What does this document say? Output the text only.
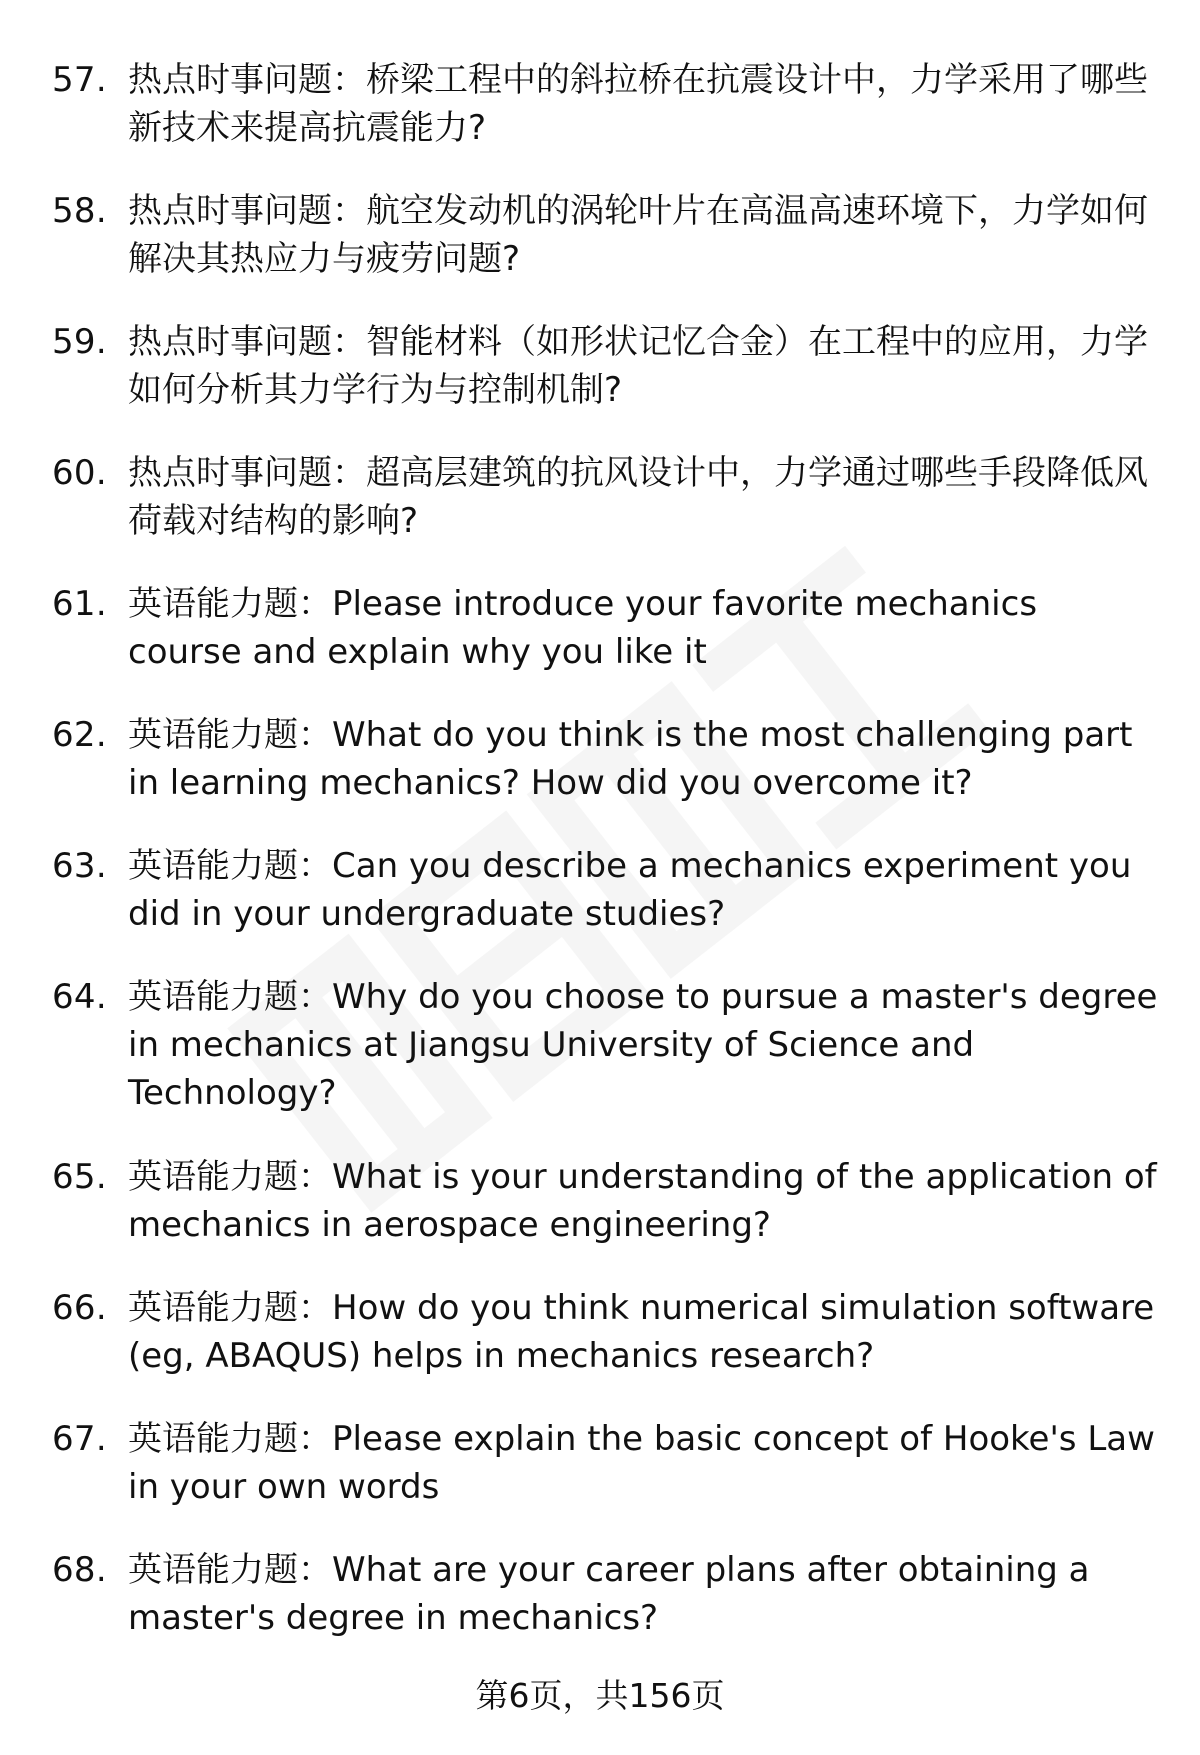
57. 热点时事问题：桥梁工程中的斜拉桥在抗震设计中，力学采用了哪些新技术来提高抗震能力?
58. 热点时事问题：航空发动机的涡轮叶片在高温高速环境下，力学如何解决其热应力与疲劳问题?
59. 热点时事问题：智能材料（如形状记忆合金）在工程中的应用，力学如何分析其力学行为与控制机制?
60. 热点时事问题：超高层建筑的抗风设计中，力学通过哪些手段降低风荷载对结构的影响?
61. 英语能力题：Please introduce your favorite mechanics course and explain why you like it
62. 英语能力题：What do you think is the most challenging part in learning mechanics? How did you overcome it?
63. 英语能力题：Can you describe a mechanics experiment you did in your undergraduate studies?
64. 英语能力题：Why do you choose to pursue a master's degree in mechanics at Jiangsu University of Science and Technology?
65. 英语能力题：What is your understanding of the application of mechanics in aerospace engineering?
66. 英语能力题：How do you think numerical simulation software (eg, ABAQUS) helps in mechanics research?
67. 英语能力题：Please explain the basic concept of Hooke's Law in your own words
68. 英语能力题：What are your career plans after obtaining a master's degree in mechanics?
第6页，共156页
